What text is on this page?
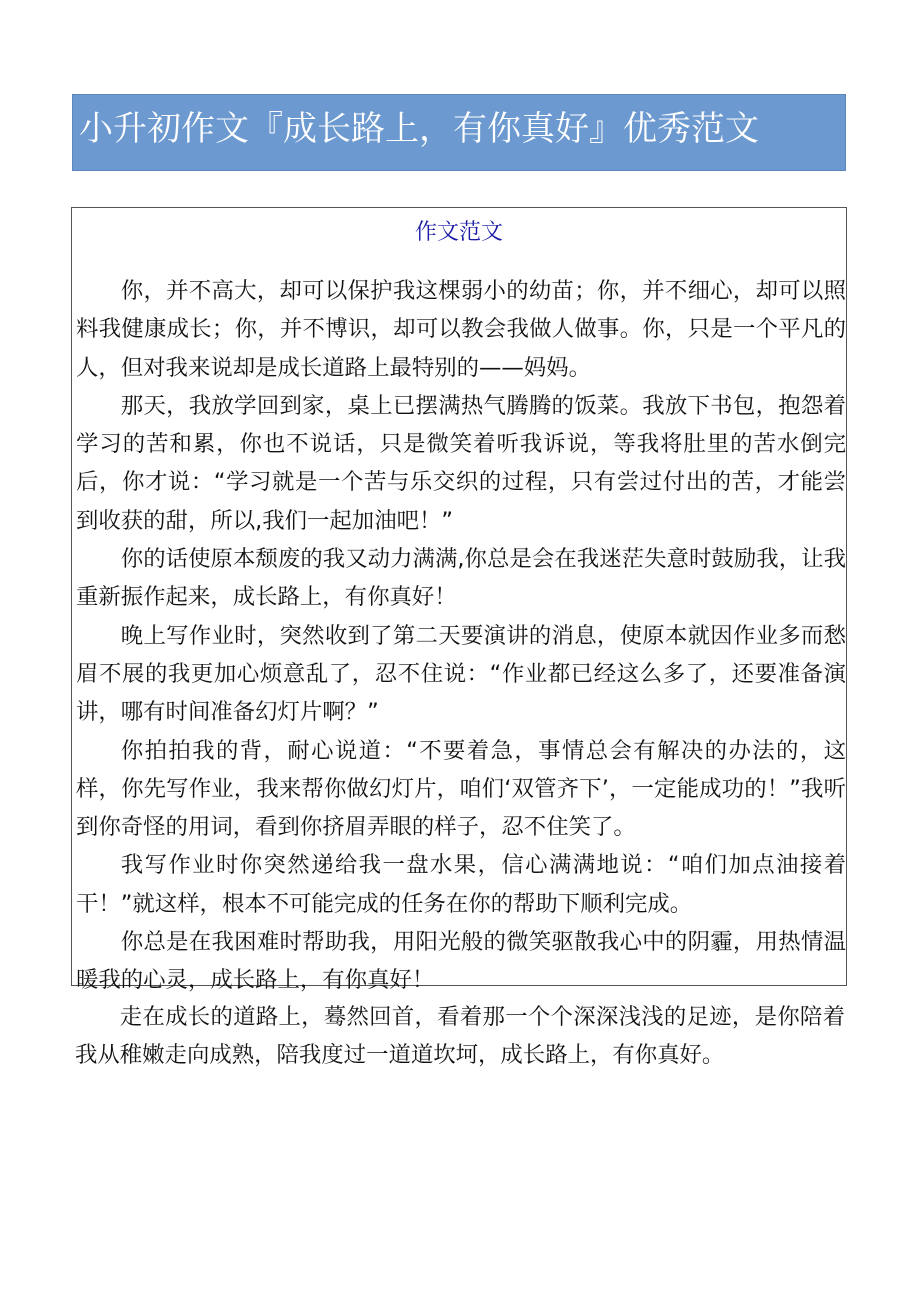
小升初作文『成长路上，有你真好』优秀范文
作文范文

你，并不高大，却可以保护我这棵弱小的幼苗；你，并不细心，却可以照料我健康成长；你，并不博识，却可以教会我做人做事。你，只是一个平凡的人，但对我来说却是成长道路上最特别的——妈妈。

那天，我放学回到家，桌上已摆满热气腾腾的饭菜。我放下书包，抱怨着学习的苦和累，你也不说话，只是微笑着听我诉说，等我将肚里的苦水倒完后，你才说：“学习就是一个苦与乐交织的过程，只有尝过付出的苦，才能尝到收获的甜，所以,我们一起加油吧！”

你的话使原本颓废的我又动力满满,你总是会在我迷茫失意时鼓励我，让我重新振作起来，成长路上，有你真好！

晚上写作业时，突然收到了第二天要演讲的消息，使原本就因作业多而愁眉不展的我更加心烦意乱了，忍不住说：“作业都已经这么多了，还要准备演讲，哪有时间准备幻灯片啊？”

你拍拍我的背，耐心说道：“不要着急，事情总会有解决的办法的，这样，你先写作业，我来帮你做幻灯片，咱们‘双管齐下’，一定能成功的！”我听到你奇怪的用词，看到你挤眉弄眼的样子，忍不住笑了。

我写作业时你突然递给我一盘水果，信心满满地说：“咱们加点油接着干！”就这样，根本不可能完成的任务在你的帮助下顺利完成。

你总是在我困难时帮助我，用阳光般的微笑驱散我心中的阴霾，用热情温暖我的心灵，成长路上，有你真好！

走在成长的道路上，蓦然回首，看着那一个个深深浅浅的足迹，是你陪着我从稚嫩走向成熟，陪我度过一道道坎坷，成长路上，有你真好。
